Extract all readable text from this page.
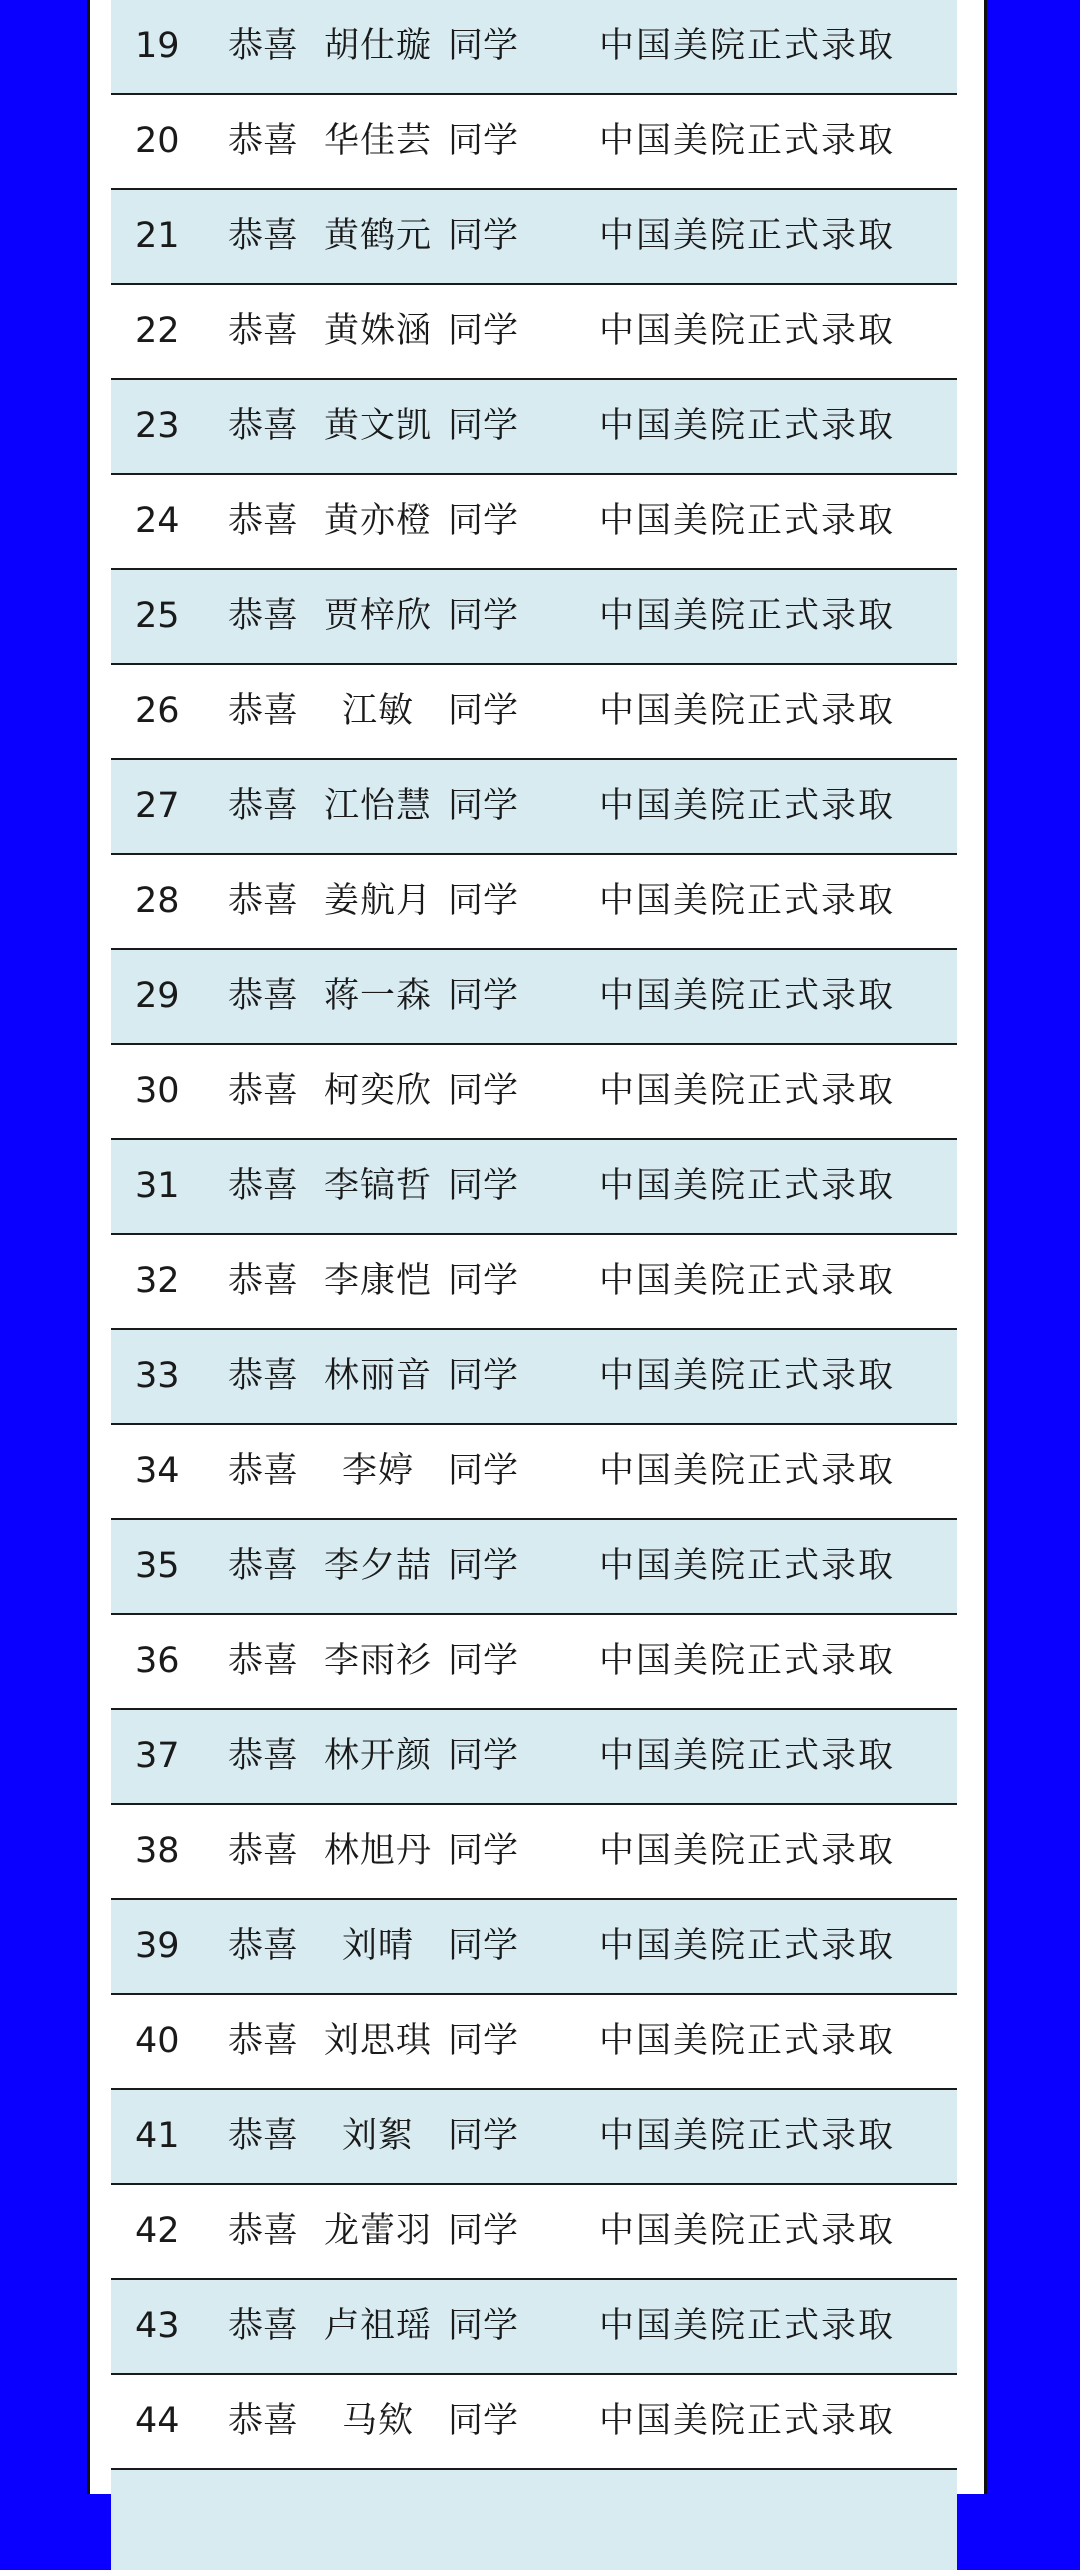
19	恭喜 胡仕璇 同学 中国美院正式录取
20	恭喜 华佳芸 同学 中国美院正式录取
21	恭喜 黄鹤元 同学 中国美院正式录取
22	恭喜 黄姝涵 同学 中国美院正式录取
23	恭喜 黄文凯 同学 中国美院正式录取
24	恭喜 黄亦橙 同学 中国美院正式录取
25	恭喜 贾梓欣 同学 中国美院正式录取
26	恭喜	江敏 同学 中国美院正式录取
27	恭喜 江怡慧 同学 中国美院正式录取
28	恭喜 姜航月 同学 中国美院正式录取
29	恭喜 蒋一森 同学 中国美院正式录取
30	恭喜 柯奕欣 同学 中国美院正式录取
31	恭喜 李镐哲 同学 中国美院正式录取
32	恭喜 李康恺 同学 中国美院正式录取
33	恭喜 林丽音 同学 中国美院正式录取
34	恭喜	李婷 同学 中国美院正式录取
35	恭喜 李夕喆 同学 中国美院正式录取
36	恭喜 李雨衫 同学 中国美院正式录取
37	恭喜 林开颜 同学 中国美院正式录取
38	恭喜 林旭丹 同学 中国美院正式录取
39	恭喜	刘晴 同学 中国美院正式录取
40	恭喜 刘思琪 同学 中国美院正式录取
41	恭喜	刘絮 同学 中国美院正式录取
42	恭喜 龙蕾羽 同学 中国美院正式录取
43	恭喜 卢祖瑶 同学 中国美院正式录取
44	恭喜	马欸 同学 中国美院正式录取
